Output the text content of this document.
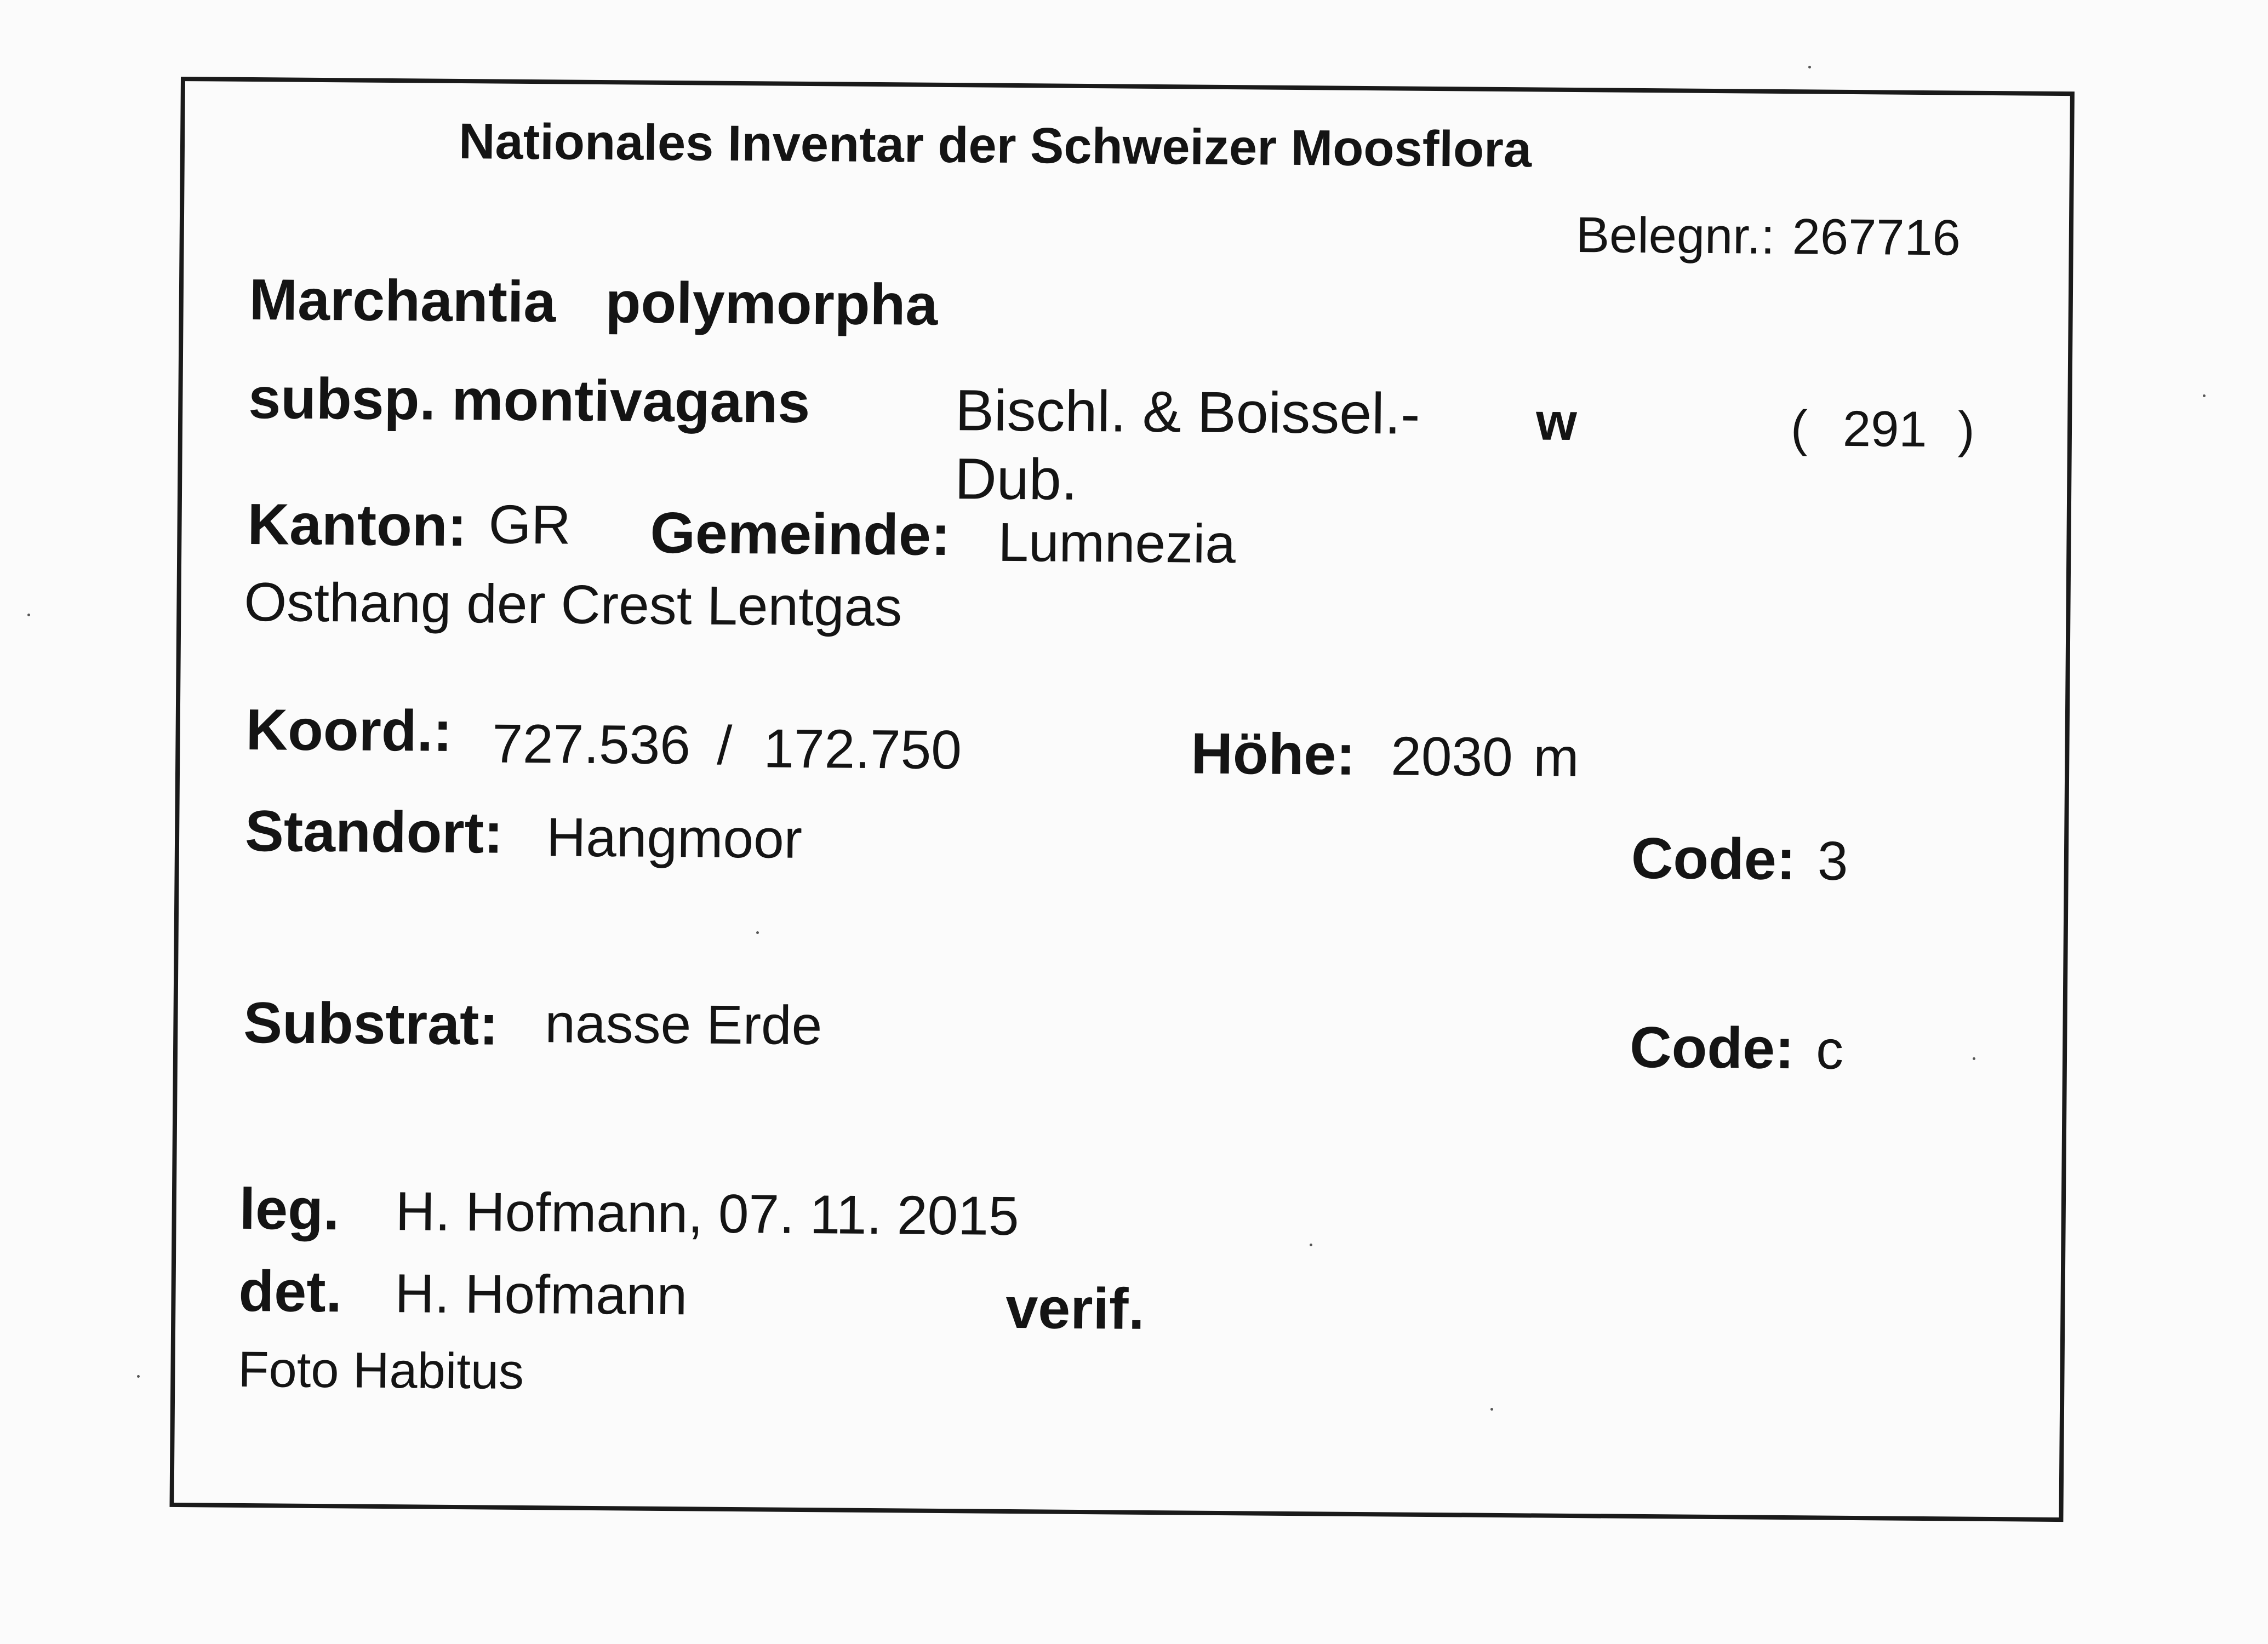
Nationales Inventar der Schweizer Moosflora
Belegnr.: 267716
Marchantia polymorpha
subsp. montivagans Bischl. & Boissel.-Dub.
w	( 291 )
Kanton: GR Gemeinde: Lumnezia
Osthang der Crest Lentgas
Koord.: 727.536 / 172.750	Höhe: 2030 m
Standort: Hangmoor	Code: 3
Substrat: nasse Erde	Code: c
leg. H. Hofmann, 07. 11. 2015
det. H. Hofmann	verif.
Foto Habitus
